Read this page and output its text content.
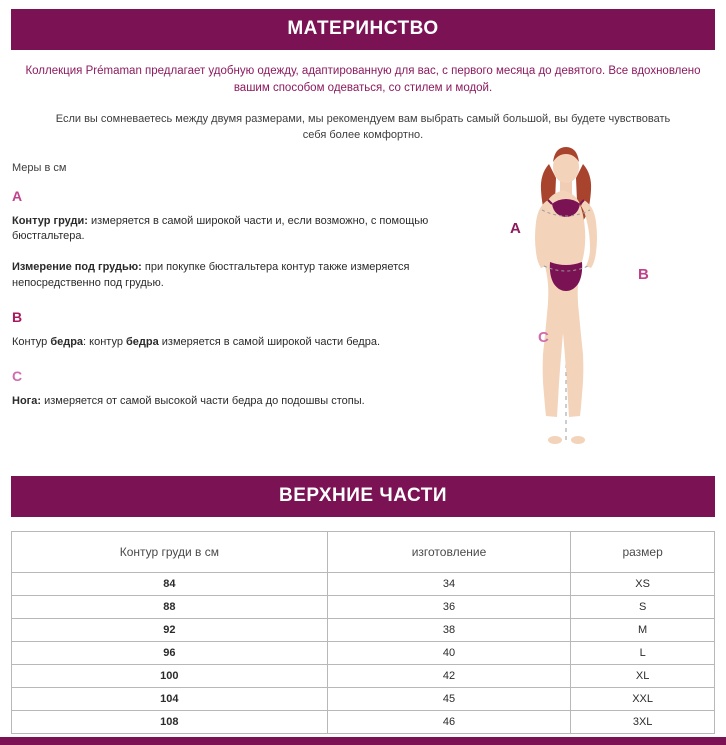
МАТЕРИНСТВО

Коллекция Prémaman предлагает удобную одежду, адаптированную для вас, с первого месяца до девятого. Все вдохновлено вашим способом одеваться, со стилем и модой.

Если вы сомневаетесь между двумя размерами, мы рекомендуем вам выбрать самый большой, вы будете чувствовать себя более комфортно.

Меры в см
A

Контур груди: измеряется в самой широкой части и, если возможно, с помощью бюстгальтера.

Измерение под грудью: при покупке бюстгальтера контур также измеряется непосредственно под грудью.

B

Контур бедра: контур бедра измеряется в самой широкой части бедра.

C

Нога: измеряется от самой высокой части бедра до подошвы стопы.

A
B
C
ВЕРХНИЕ ЧАСТИ
Контур груди в см	изготовление	размер
84	34	XS
88	36	S
92	38	M
96	40	L
100	42	XL
104	45	XXL
108	46	3XL
